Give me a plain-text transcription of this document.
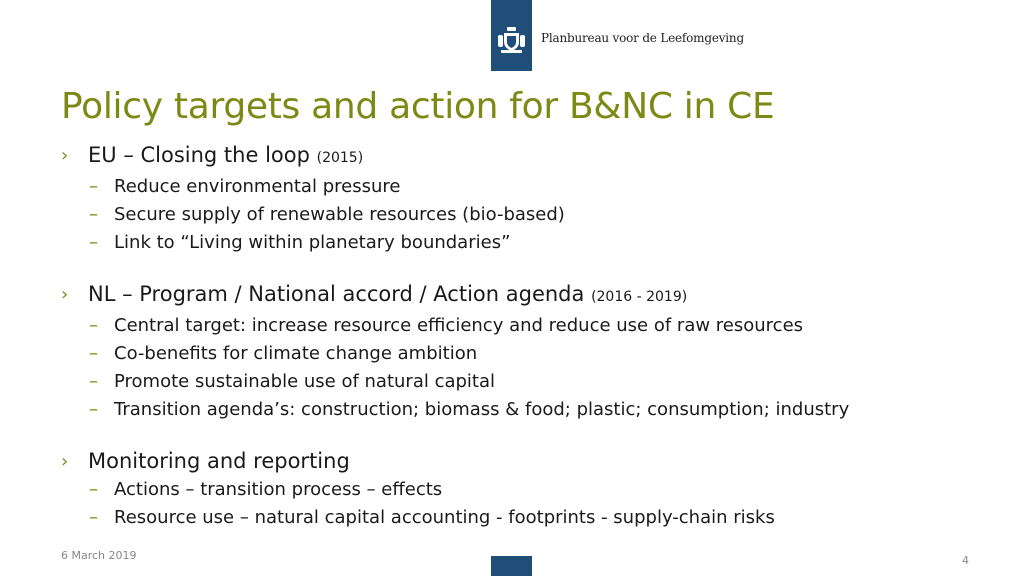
Planbureau voor de Leefomgeving
Policy targets and action for B&NC in CE
› EU – Closing the loop (2015)
– Reduce environmental pressure
– Secure supply of renewable resources (bio-based)
– Link to “Living within planetary boundaries”
› NL – Program / National accord / Action agenda (2016 - 2019)
– Central target: increase resource efficiency and reduce use of raw resources
– Co-benefits for climate change ambition
– Promote sustainable use of natural capital
– Transition agenda’s: construction; biomass & food; plastic; consumption; industry
› Monitoring and reporting
– Actions – transition process – effects
– Resource use – natural capital accounting - footprints - supply-chain risks
6 March 2019	4
